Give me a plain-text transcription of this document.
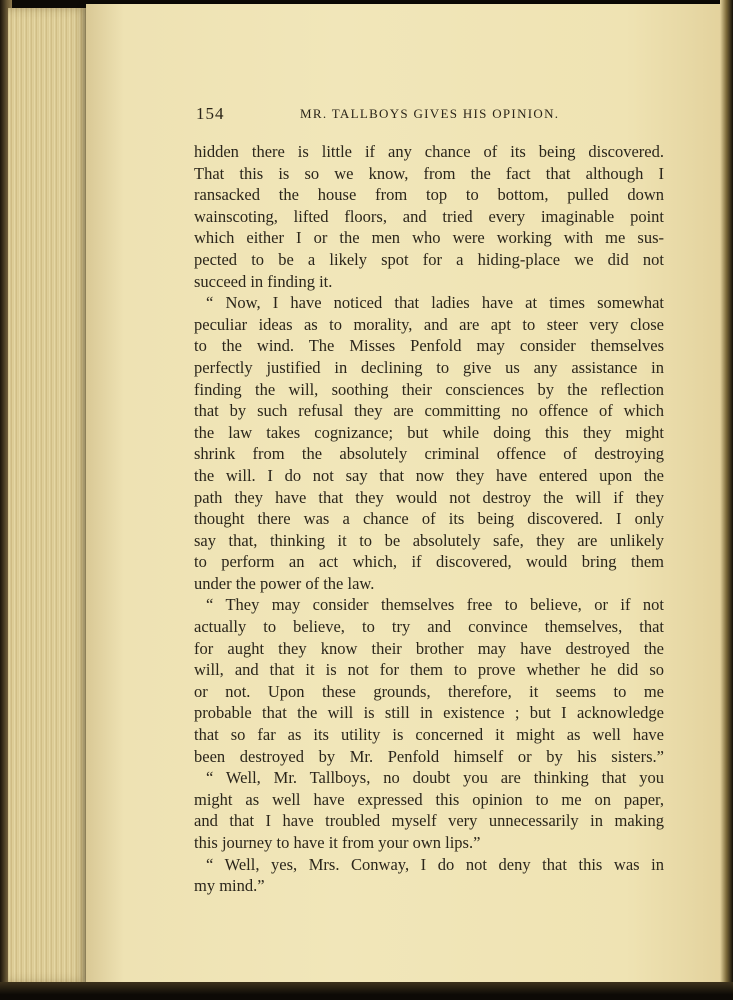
154	MR. TALLBOYS GIVES HIS OPINION.
hidden there is little if any chance of its being discovered.
That this is so we know, from the fact that although I
ransacked the house from top to bottom, pulled down
wainscoting, lifted floors, and tried every imaginable point
which either I or the men who were working with me sus-
pected to be a likely spot for a hiding-place we did not
succeed in finding it.
“ Now, I have noticed that ladies have at times somewhat
peculiar ideas as to morality, and are apt to steer very close
to the wind. The Misses Penfold may consider themselves
perfectly justified in declining to give us any assistance in
finding the will, soothing their consciences by the reflection
that by such refusal they are committing no offence of which
the law takes cognizance; but while doing this they might
shrink from the absolutely criminal offence of destroying
the will. I do not say that now they have entered upon the
path they have that they would not destroy the will if they
thought there was a chance of its being discovered. I only
say that, thinking it to be absolutely safe, they are unlikely
to perform an act which, if discovered, would bring them
under the power of the law.
“ They may consider themselves free to believe, or if not
actually to believe, to try and convince themselves, that
for aught they know their brother may have destroyed the
will, and that it is not for them to prove whether he did so
or not. Upon these grounds, therefore, it seems to me
probable that the will is still in existence ; but I acknowledge
that so far as its utility is concerned it might as well have
been destroyed by Mr. Penfold himself or by his sisters.”
“ Well, Mr. Tallboys, no doubt you are thinking that you
might as well have expressed this opinion to me on paper,
and that I have troubled myself very unnecessarily in making
this journey to have it from your own lips.”
“ Well, yes, Mrs. Conway, I do not deny that this was in
my mind.”
